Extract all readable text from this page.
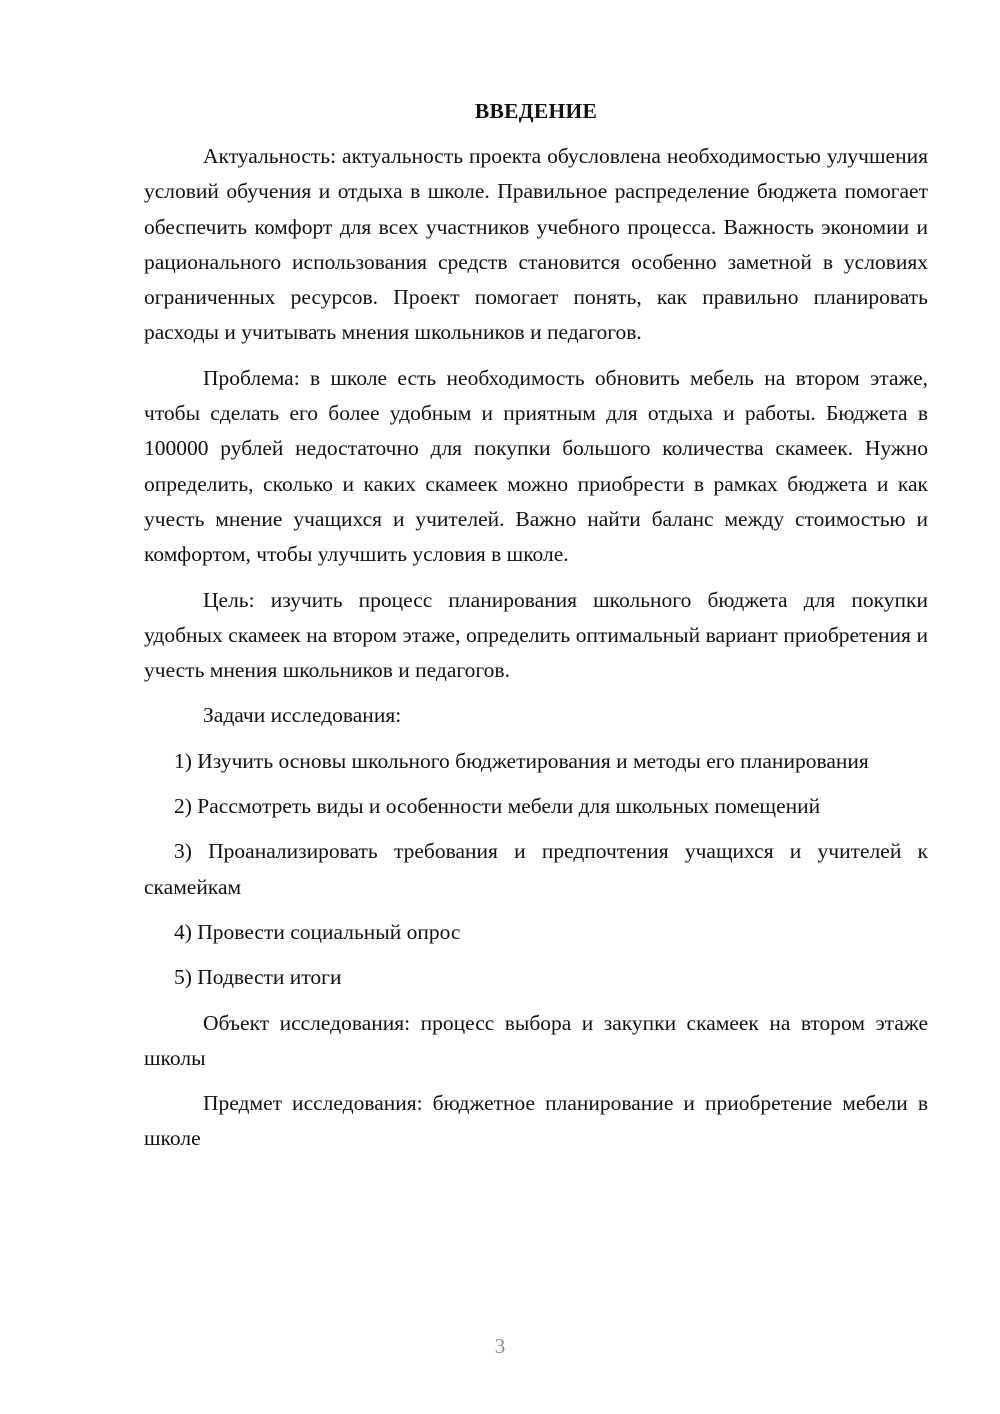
ВВЕДЕНИЕ

Актуальность: актуальность проекта обусловлена необходимостью улучшения условий обучения и отдыха в школе. Правильное распределение бюджета помогает обеспечить комфорт для всех участников учебного процесса. Важность экономии и рационального использования средств становится особенно заметной в условиях ограниченных ресурсов. Проект помогает понять, как правильно планировать расходы и учитывать мнения школьников и педагогов.

Проблема: в школе есть необходимость обновить мебель на втором этаже, чтобы сделать его более удобным и приятным для отдыха и работы. Бюджета в 100000 рублей недостаточно для покупки большого количества скамеек. Нужно определить, сколько и каких скамеек можно приобрести в рамках бюджета и как учесть мнение учащихся и учителей. Важно найти баланс между стоимостью и комфортом, чтобы улучшить условия в школе.

Цель: изучить процесс планирования школьного бюджета для покупки удобных скамеек на втором этаже, определить оптимальный вариант приобретения и учесть мнения школьников и педагогов.

Задачи исследования:

1) Изучить основы школьного бюджетирования и методы его планирования

2) Рассмотреть виды и особенности мебели для школьных помещений

3) Проанализировать требования и предпочтения учащихся и учителей к скамейкам

4) Провести социальный опрос

5) Подвести итоги

Объект исследования: процесс выбора и закупки скамеек на втором этаже школы

Предмет исследования: бюджетное планирование и приобретение мебели в школе

3
